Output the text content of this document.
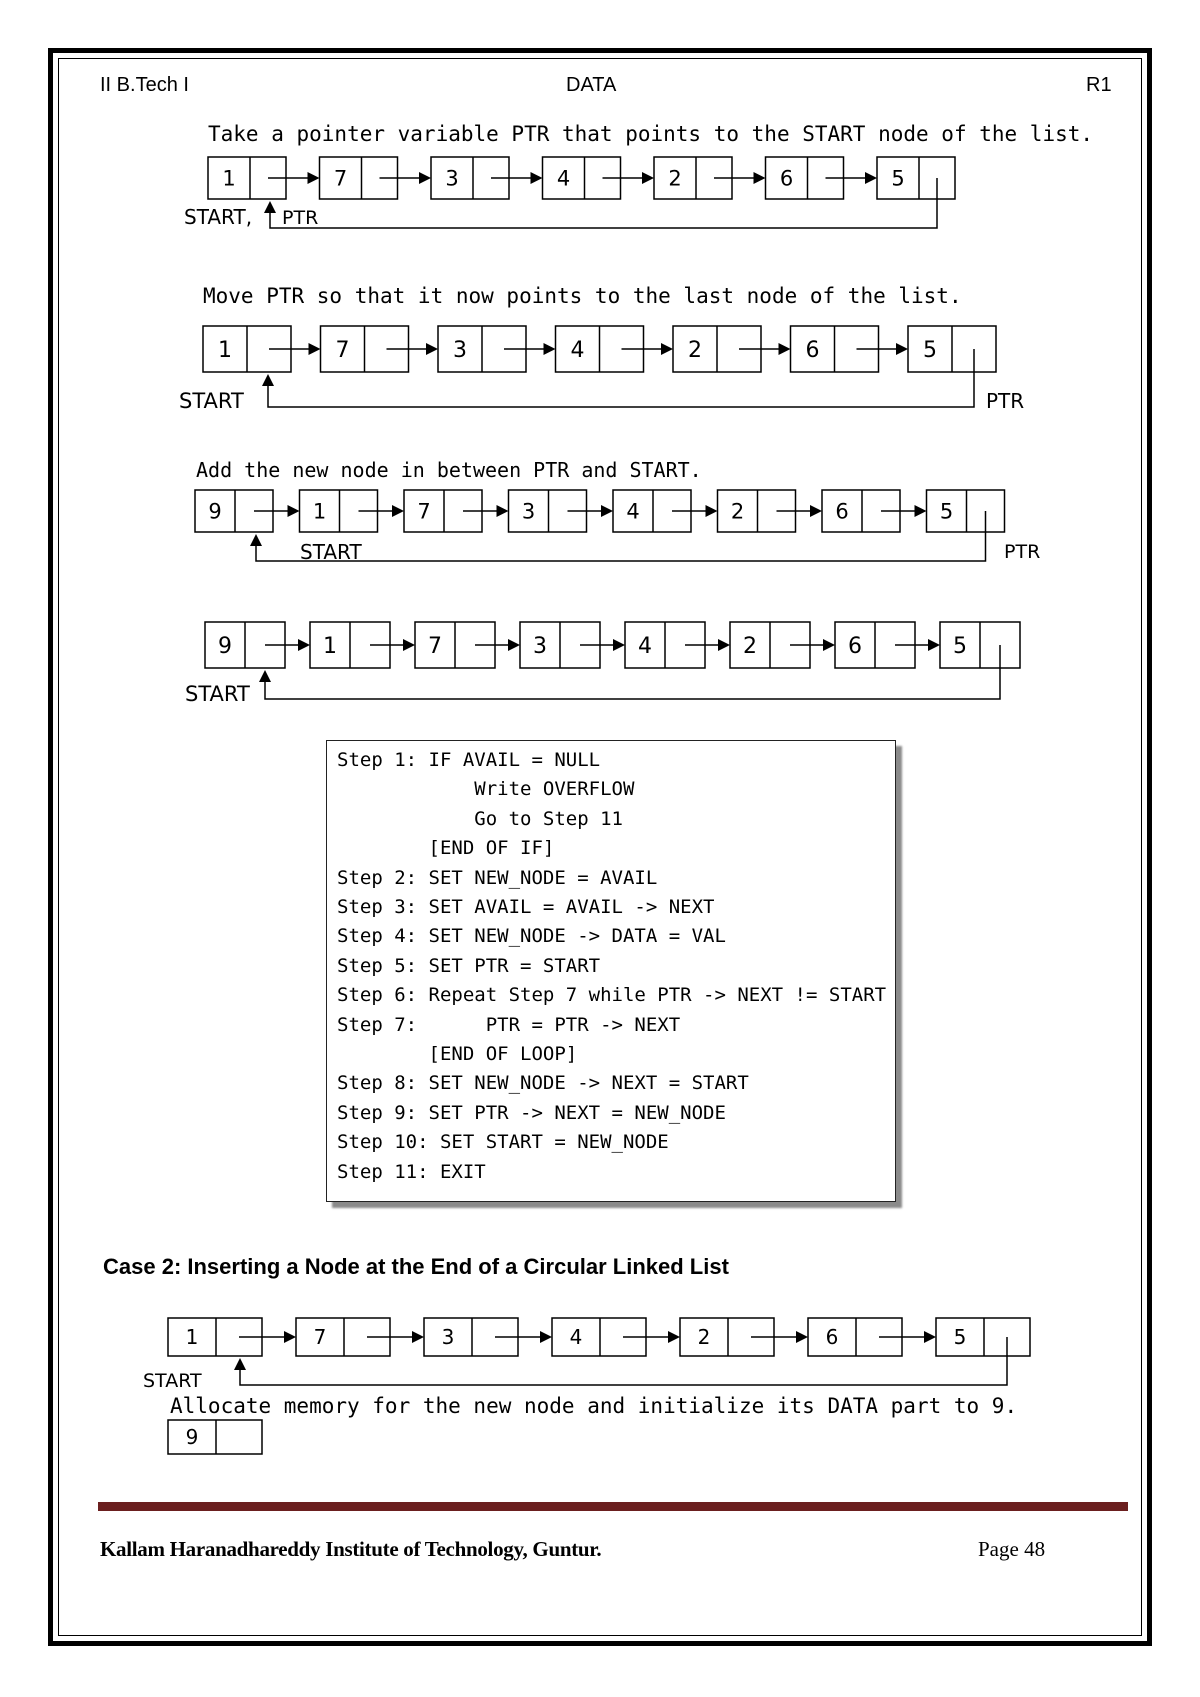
II B.Tech I	DATA	R1
Take a pointer variable PTR that points to the START node of the list.
Move PTR so that it now points to the last node of the list.
Add the new node in between PTR and START.
Allocate memory for the new node and initialize its DATA part to 9.
1	7	3	4	2	6	5
START, PTR
1	7	3	4	2	6	5
START	PTR
9	1	7	3	4	2	6	5
START	PTR
9	1	7	3	4	2	6	5
START
1	7	3	4	2	6	5
START
9
Step 1: IF AVAIL = NULL
Write OVERFLOW
Go to Step 11
[END OF IF]
Step 2: SET NEW_NODE = AVAIL
Step 3: SET AVAIL = AVAIL -> NEXT
Step 4: SET NEW_NODE -> DATA = VAL
Step 5: SET PTR = START
Step 6: Repeat Step 7 while PTR -> NEXT != START
Step 7:      PTR = PTR -> NEXT
[END OF LOOP]
Step 8: SET NEW_NODE -> NEXT = START
Step 9: SET PTR -> NEXT = NEW_NODE
Step 10: SET START = NEW_NODE
Step 11: EXIT
Case 2: Inserting a Node at the End of a Circular Linked List
Kallam Haranadhareddy Institute of Technology, Guntur.	Page 48
